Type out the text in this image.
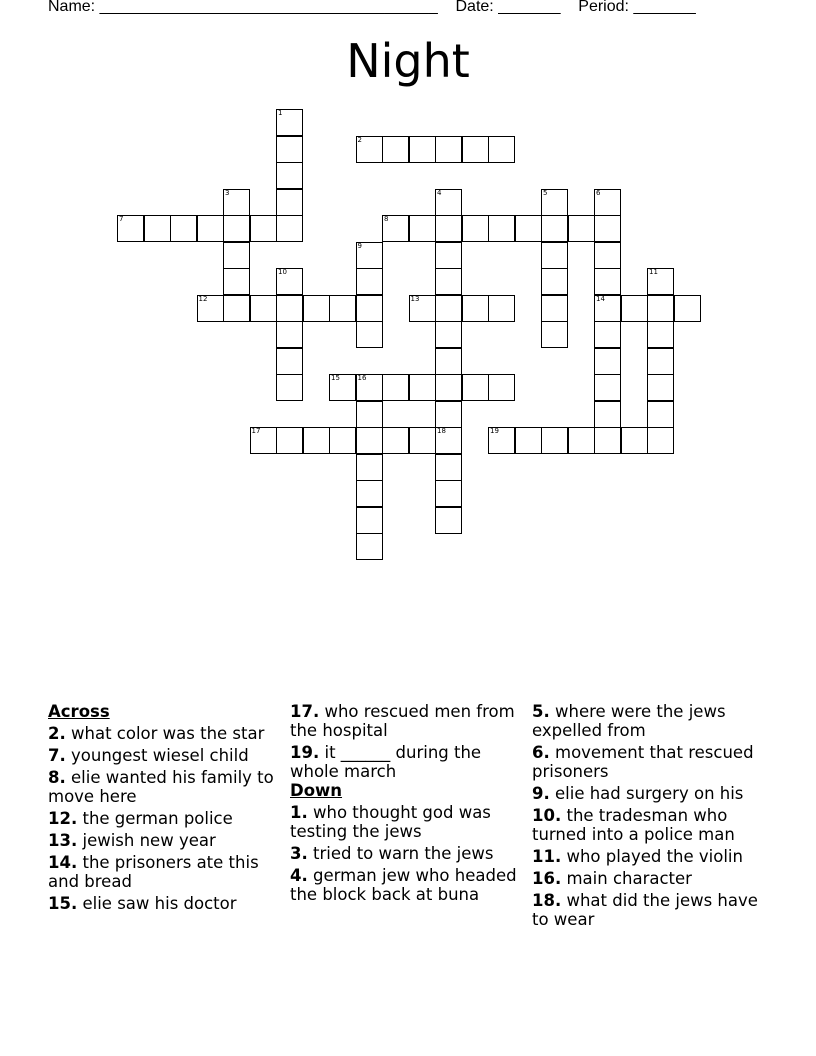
Name: ______________________________________ Date: _______ Period: _______
Night
1
2
3	4	5	6
14
7	8
9
10	11
12	13
15	16
17	18	19
Across
2. what color was the star
7. youngest wiesel child
8. elie wanted his family to move here
12. the german police
13. jewish new year
14. the prisoners ate this and bread
15. elie saw his doctor
17. who rescued men from the hospital
19. it ______ during the whole march
Down
1. who thought god was testing the jews
3. tried to warn the jews
4. german jew who headed the block back at buna
5. where were the jews expelled from
6. movement that rescued prisoners
9. elie had surgery on his
10. the tradesman who turned into a police man
11. who played the violin
16. main character
18. what did the jews have to wear
